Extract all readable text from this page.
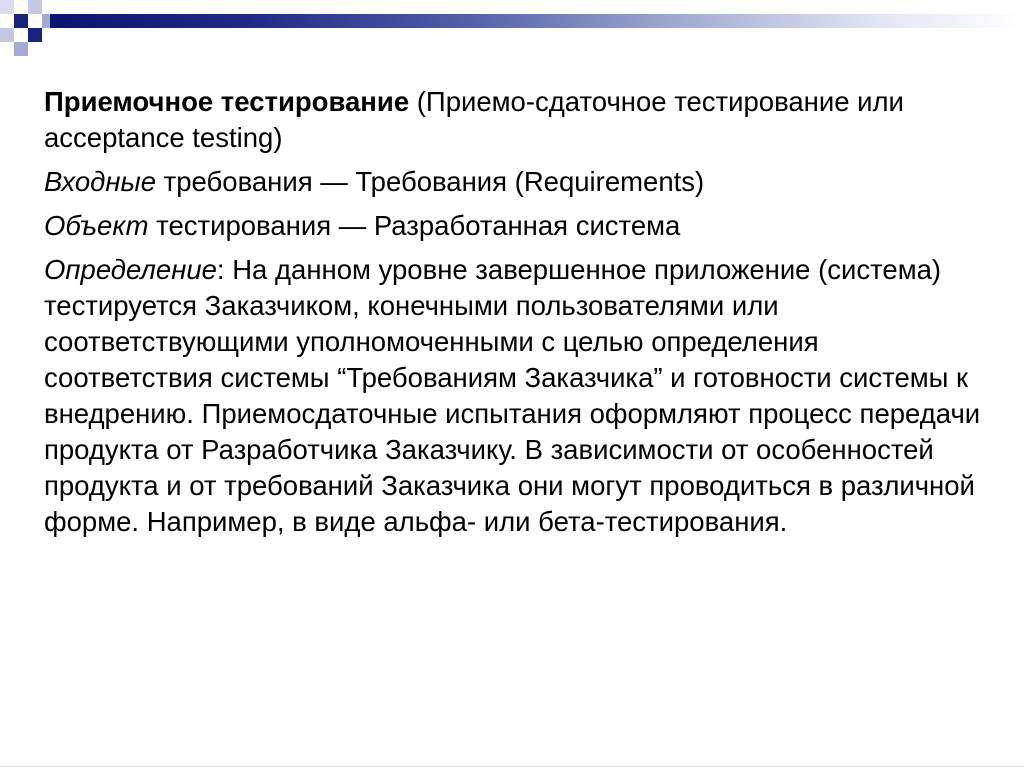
Приемочное тестирование (Приемо-сдаточное тестирование или acceptance testing)

Входные требования — Требования (Requirements)

Объект тестирования — Разработанная система

Определение: На данном уровне завершенное приложение (система) тестируется Заказчиком, конечными пользователями или соответствующими уполномоченными с целью определения соответствия системы “Требованиям Заказчика” и готовности системы к внедрению. Приемосдаточные испытания оформляют процесс передачи продукта от Разработчика Заказчику. В зависимости от особенностей продукта и от требований Заказчика они могут проводиться в различной форме. Например, в виде альфа- или бета-тестирования.
